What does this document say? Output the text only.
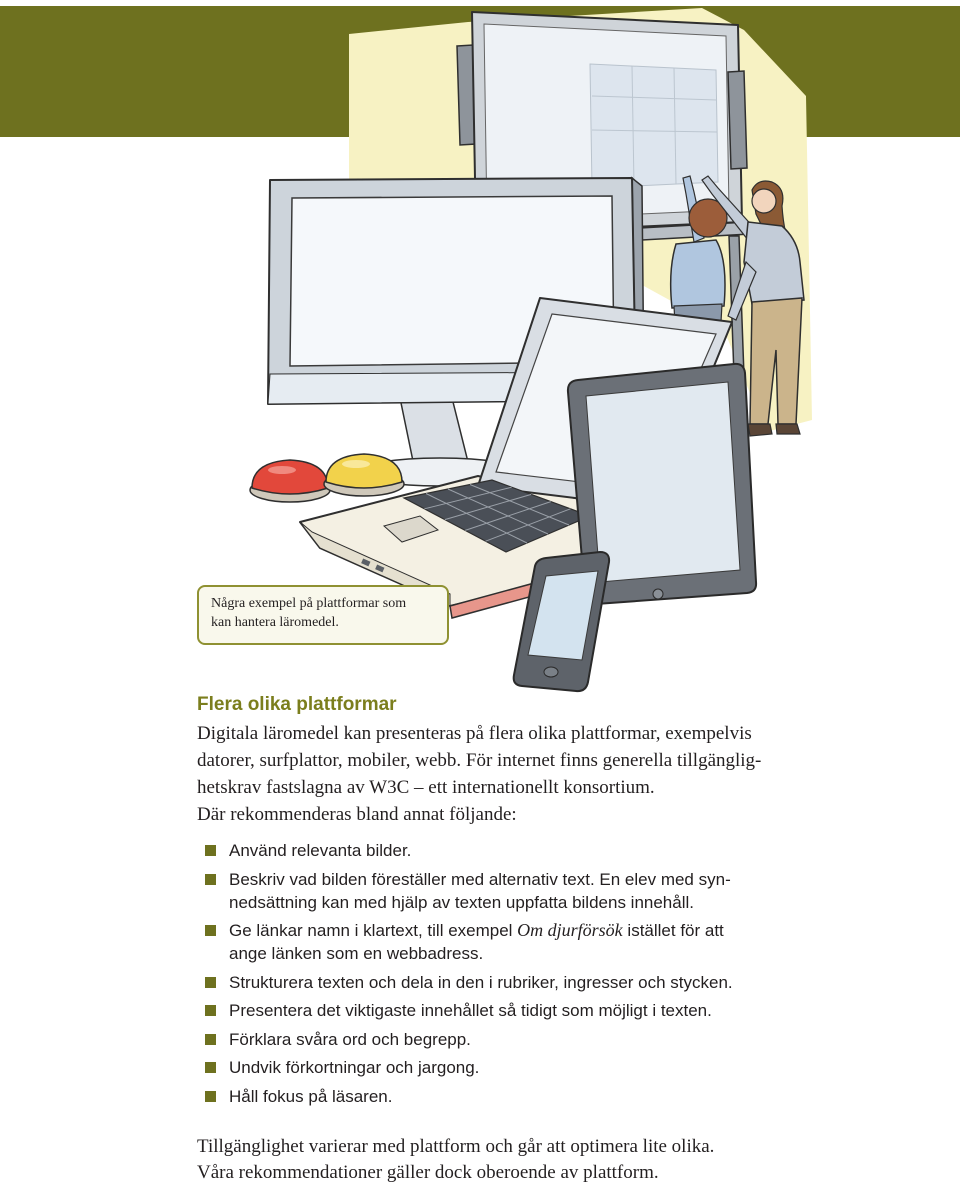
Några exempel på plattformar som
kan hantera läromedel.
Flera olika plattformar
Digitala läromedel kan presenteras på flera olika plattformar, exempelvis
datorer, surfplattor, mobiler, webb. För internet finns generella tillgänglig-
hetskrav fastslagna av W3C – ett internationellt konsortium.
Där rekommenderas bland annat följande:
Använd relevanta bilder.
Beskriv vad bilden föreställer med alternativ text. En elev med syn-
nedsättning kan med hjälp av texten uppfatta bildens innehåll.
Ge länkar namn i klartext, till exempel Om djurförsök istället för att
ange länken som en webbadress.
Strukturera texten och dela in den i rubriker, ingresser och stycken.
Presentera det viktigaste innehållet så tidigt som möjligt i texten.
Förklara svåra ord och begrepp.
Undvik förkortningar och jargong.
Håll fokus på läsaren.
Tillgänglighet varierar med plattform och går att optimera lite olika.
Våra rekommendationer gäller dock oberoende av plattform.
